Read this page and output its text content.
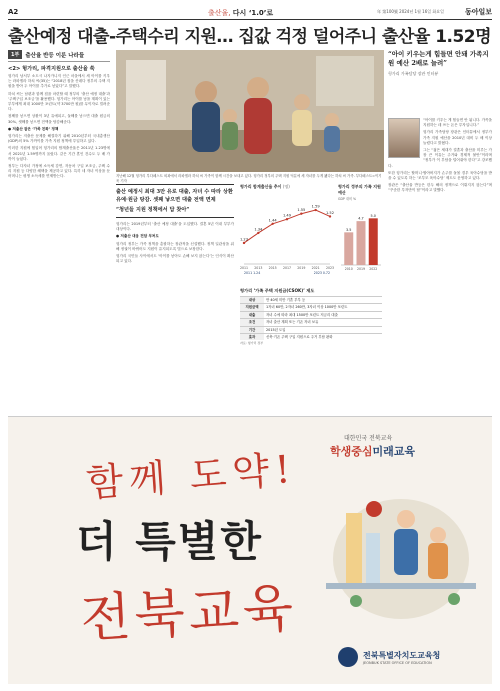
A2	출산율, 다시 ‘1.0’로	年 第100號 2024년 1월 16일 화요일	동아일보
출산예정 대출-주택수리 지원… 집값 걱정 덜어주니 출산율 1.52명
1부	출산율 반등 이룬 나라들
<2> 헝가리, 파격지원으로 출산율 쑥

헝가리 남서부 소도시 나지카니저 인근 마을에서 세 아이를 키우는 라파엘라 하치 씨(35)는 “2018년 집을 산데다 정부의 주택 지원을 받아 두 아이를 추가로 낳았다”고 말했다.

하치 씨는 남편과 함께 집을 마련할 때 정부의 ‘출산 예정 대출’과 ‘주택구입 보조금’을 활용했다. 헝가리는 아이를 낳을 계획이 있는 부부에게 최대 1000만 포린트(약 3700만 원)를 무이자로 빌려준다.

첫째를 낳으면 상환이 3년 유예되고, 둘째를 낳으면 대출 원금의 30%, 셋째를 낳으면 전액을 탕감해준다.

● 저출산 잡은 ‘가족 친화’ 정책

헝가리는 저출산 문제를 해결하기 위해 2010년부터 국내총생산(GDP)의 5% 가까이를 가족 지원 정책에 투입하고 있다.

이러한 지원에 힘입어 헝가리의 합계출산율은 2011년 1.23명에서 2021년 1.59명까지 올랐다. 같은 기간 혼인 건수도 두 배 가까이 늘었다.

정부는 다자녀 가정에 소득세 감면, 자동차 구입 보조금, 주택 수리 지원 등 다양한 혜택을 제공하고 있다. 특히 네 자녀 이상을 둔 어머니는 평생 소득세를 면제받는다.	지난해 12월 헝가리 부다페스트 외곽에서 라파엘라 하치 씨 가족이 함께 시간을 보내고 있다. 헝가리 정부의 주택 지원 덕분에 세 자녀를 두게 됐다는 하치 씨 가족. 부다페스트=이기욱 기자
출산 예정시 최대 3만 유로 대출, 자녀 수 따라 상환 유예·원금 탕감. 셋째 낳으면 대출 전액 면제
“청년들 지원 정책에서 답 찾아”

헝가리는 2019년부터 ‘출산 예정 대출’을 도입했다. 결혼 5년 이내 부부가 대상이다.

● 저출산 대응 전담 부처도

헝가리 정부는 가족 정책을 총괄하는 장관직을 신설했다. 정책 일관성을 위해 정권이 바뀌어도 지원이 유지되도록 법으로 보장한다.

헝가리 국민들 사이에서도 ‘아이를 낳아도 손해 보지 않는다’는 인식이 확산되고 있다.

헝가리 합계출산율 추이 (명)
1.23
2011
1.34
2013
1.44
2015
1.49
2017
1.55
2019
1.59
2021
1.52
2023
2011 1.24	2023 0.72
헝가리 정부의 가족 지원 예산
GDP 대비 %
3.5
2010
4.7
2019
5.0
2022
헝가리 ‘가족 주택 지원금(CSOK)’ 제도
대상	만 40세 미만 기혼 부부 등
지원금액	1자녀 60만, 2자녀 260만, 3자녀 이상 1000만 포린트
대출	자녀 수에 따라 최대 1500만 포린트 저금리 대출
조건	자녀 출산 계획 또는 기존 자녀 보유
기간	2015년 도입
효과	신축·기존 주택 구입 지원으로 주거 부담 완화
자료: 헝가리 정부
“아이 키우는게 힘들면 안돼 가족지원 예산 2배로 늘려”
헝가리 가족담당 장관 인터뷰

“아이를 키우는 게 힘들면 안 됩니다. 가족을 지원하는 데 쓰는 돈은 투자입니다.”

헝가리 가족담당 장관은 인터뷰에서 정부가 가족 지원 예산을 2010년 대비 두 배 이상 늘렸다고 밝혔다.

그는 “젊은 세대가 결혼과 출산을 미루는 가장 큰 이유는 주거와 경제적 불안”이라며 “정부가 이 부담을 덜어줘야 한다”고 강조했다.

또한 헝가리는 할머니·할아버지가 손주를 돌볼 경우 육아수당을 받을 수 있도록 하는 ‘조부모 육아수당’ 제도도 운영하고 있다.

장관은 “출산율 반등은 한두 해의 정책으로 이뤄지지 않는다”며 “꾸준한 투자만이 답”이라고 말했다.

함께 도약!
더 특별한
전북교육
대한민국 전북교육
학생중심미래교육
전북특별자치도교육청
JEONBUK STATE OFFICE OF EDUCATION
